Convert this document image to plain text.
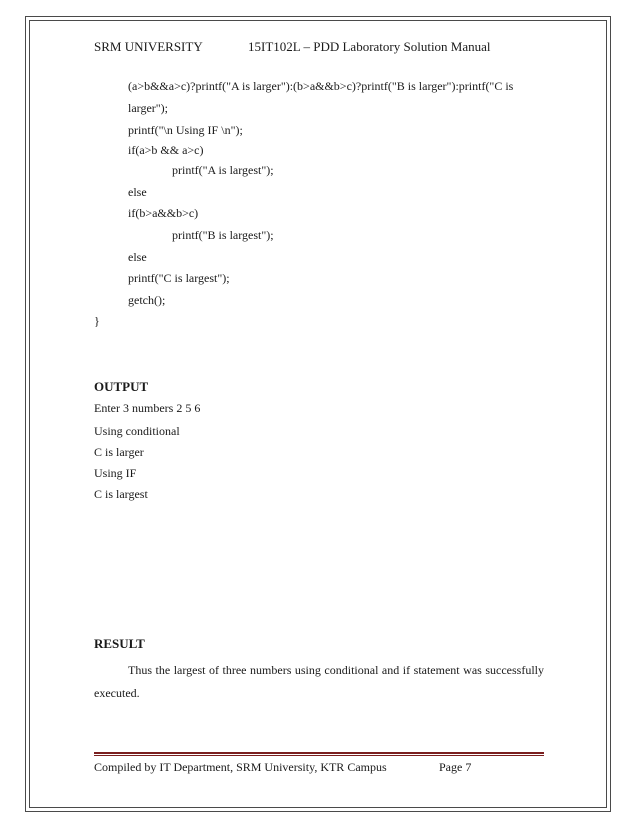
SRM UNIVERSITY	15IT102L – PDD Laboratory Solution Manual
(a>b&&a>c)?printf("A is larger"):(b>a&&b>c)?printf("B is larger"):printf("C is
larger");
printf("\n Using IF \n");
if(a>b && a>c)
printf("A is largest");
else
if(b>a&&b>c)
printf("B is largest");
else
printf("C is largest");
getch();
}
OUTPUT
Enter 3 numbers 2 5 6
Using conditional
C is larger
Using IF
C is largest
RESULT
Thus the largest of three numbers using conditional and if statement was successfully executed.
Compiled by IT Department, SRM University, KTR Campus	Page 7
